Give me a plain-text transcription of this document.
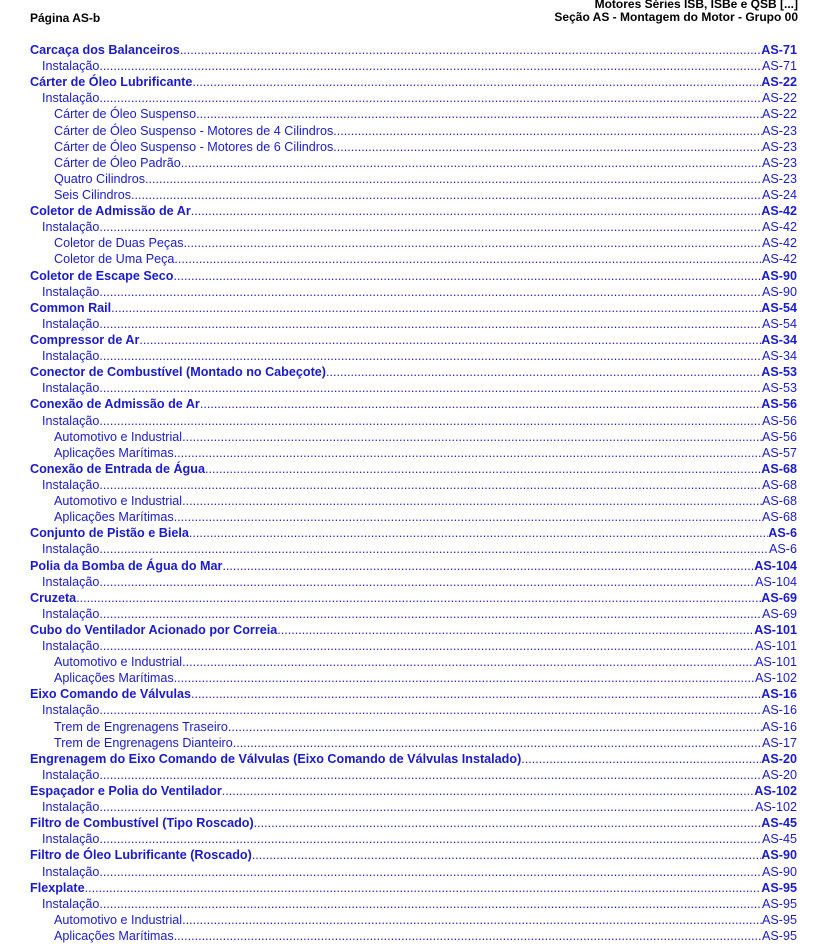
Página AS-b
Motores Séries ISB, ISBe e QSB [...]
Seção AS - Montagem do Motor - Grupo 00
Carcaça dos Balanceiros .....	AS-71
Instalação .....	AS-71
Cárter de Óleo Lubrificante .....	AS-22
Instalação .....	AS-22
Cárter de Óleo Suspenso .....	AS-22
Cárter de Óleo Suspenso - Motores de 4 Cilindros .....	AS-23
Cárter de Óleo Suspenso - Motores de 6 Cilindros .....	AS-23
Cárter de Óleo Padrão .....	AS-23
Quatro Cilindros .....	AS-23
Seis Cilindros .....	AS-24
Coletor de Admissão de Ar .....	AS-42
Instalação .....	AS-42
Coletor de Duas Peças .....	AS-42
Coletor de Uma Peça .....	AS-42
Coletor de Escape Seco .....	AS-90
Instalação .....	AS-90
Common Rail .....	AS-54
Instalação .....	AS-54
Compressor de Ar .....	AS-34
Instalação .....	AS-34
Conector de Combustível (Montado no Cabeçote) .....	AS-53
Instalação .....	AS-53
Conexão de Admissão de Ar .....	AS-56
Instalação .....	AS-56
Automotivo e Industrial .....	AS-56
Aplicações Marítimas .....	AS-57
Conexão de Entrada de Água .....	AS-68
Instalação .....	AS-68
Automotivo e Industrial .....	AS-68
Aplicações Marítimas .....	AS-68
Conjunto de Pistão e Biela .....	AS-6
Instalação .....	AS-6
Polia da Bomba de Água do Mar .....	AS-104
Instalação .....	AS-104
Cruzeta .....	AS-69
Instalação .....	AS-69
Cubo do Ventilador Acionado por Correia .....	AS-101
Instalação .....	AS-101
Automotivo e Industrial .....	AS-101
Aplicações Marítimas .....	AS-102
Eixo Comando de Válvulas .....	AS-16
Instalação .....	AS-16
Trem de Engrenagens Traseiro .....	AS-16
Trem de Engrenagens Dianteiro .....	AS-17
Engrenagem do Eixo Comando de Válvulas (Eixo Comando de Válvulas Instalado) .....	AS-20
Instalação .....	AS-20
Espaçador e Polia do Ventilador .....	AS-102
Instalação .....	AS-102
Filtro de Combustível (Tipo Roscado) .....	AS-45
Instalação .....	AS-45
Filtro de Óleo Lubrificante (Roscado) .....	AS-90
Instalação .....	AS-90
Flexplate .....	AS-95
Instalação .....	AS-95
Automotivo e Industrial .....	AS-95
Aplicações Marítimas .....	AS-95
